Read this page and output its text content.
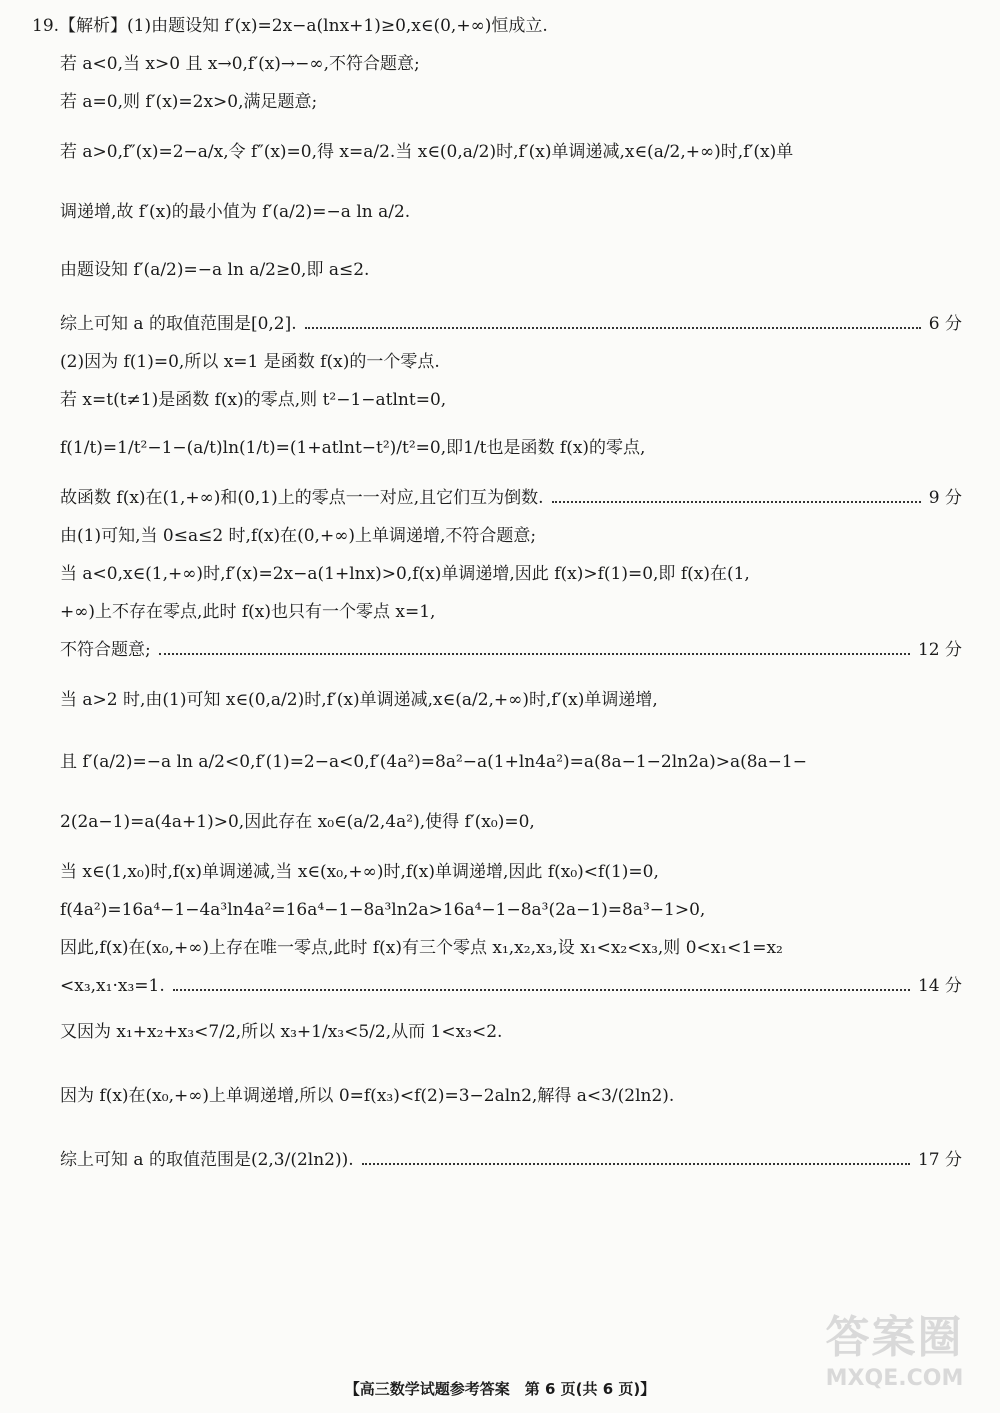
19.【解析】(1)由题设知 f′(x)=2x−a(lnx+1)≥0,x∈(0,+∞)恒成立.
若 a<0,当 x>0 且 x→0,f′(x)→−∞,不符合题意;
若 a=0,则 f′(x)=2x>0,满足题意;
若 a>0,f″(x)=2−a/x,令 f″(x)=0,得 x=a/2.当 x∈(0,a/2)时,f′(x)单调递减,x∈(a/2,+∞)时,f′(x)单
调递增,故 f′(x)的最小值为 f′(a/2)=−a ln a/2.
由题设知 f′(a/2)=−a ln a/2≥0,即 a≤2.
综上可知 a 的取值范围是[0,2].	6 分
(2)因为 f(1)=0,所以 x=1 是函数 f(x)的一个零点.
若 x=t(t≠1)是函数 f(x)的零点,则 t²−1−atlnt=0,
f(1/t)=1/t²−1−(a/t)ln(1/t)=(1+atlnt−t²)/t²=0,即1/t也是函数 f(x)的零点,
故函数 f(x)在(1,+∞)和(0,1)上的零点一一对应,且它们互为倒数.	9 分
由(1)可知,当 0≤a≤2 时,f(x)在(0,+∞)上单调递增,不符合题意;
当 a<0,x∈(1,+∞)时,f′(x)=2x−a(1+lnx)>0,f(x)单调递增,因此 f(x)>f(1)=0,即 f(x)在(1,
+∞)上不存在零点,此时 f(x)也只有一个零点 x=1,
不符合题意;	12 分
当 a>2 时,由(1)可知 x∈(0,a/2)时,f′(x)单调递减,x∈(a/2,+∞)时,f′(x)单调递增,
且 f′(a/2)=−a ln a/2<0,f′(1)=2−a<0,f′(4a²)=8a²−a(1+ln4a²)=a(8a−1−2ln2a)>a(8a−1−
2(2a−1)=a(4a+1)>0,因此存在 x₀∈(a/2,4a²),使得 f′(x₀)=0,
当 x∈(1,x₀)时,f(x)单调递减,当 x∈(x₀,+∞)时,f(x)单调递增,因此 f(x₀)<f(1)=0,
f(4a²)=16a⁴−1−4a³ln4a²=16a⁴−1−8a³ln2a>16a⁴−1−8a³(2a−1)=8a³−1>0,
因此,f(x)在(x₀,+∞)上存在唯一零点,此时 f(x)有三个零点 x₁,x₂,x₃,设 x₁<x₂<x₃,则 0<x₁<1=x₂
<x₃,x₁·x₃=1.	14 分
又因为 x₁+x₂+x₃<7/2,所以 x₃+1/x₃<5/2,从而 1<x₃<2.
因为 f(x)在(x₀,+∞)上单调递增,所以 0=f(x₃)<f(2)=3−2aln2,解得 a<3/(2ln2).
综上可知 a 的取值范围是(2,3/(2ln2)).	17 分
【高三数学试题参考答案　第 6 页(共 6 页)】
答案圈
MXQE.COM
